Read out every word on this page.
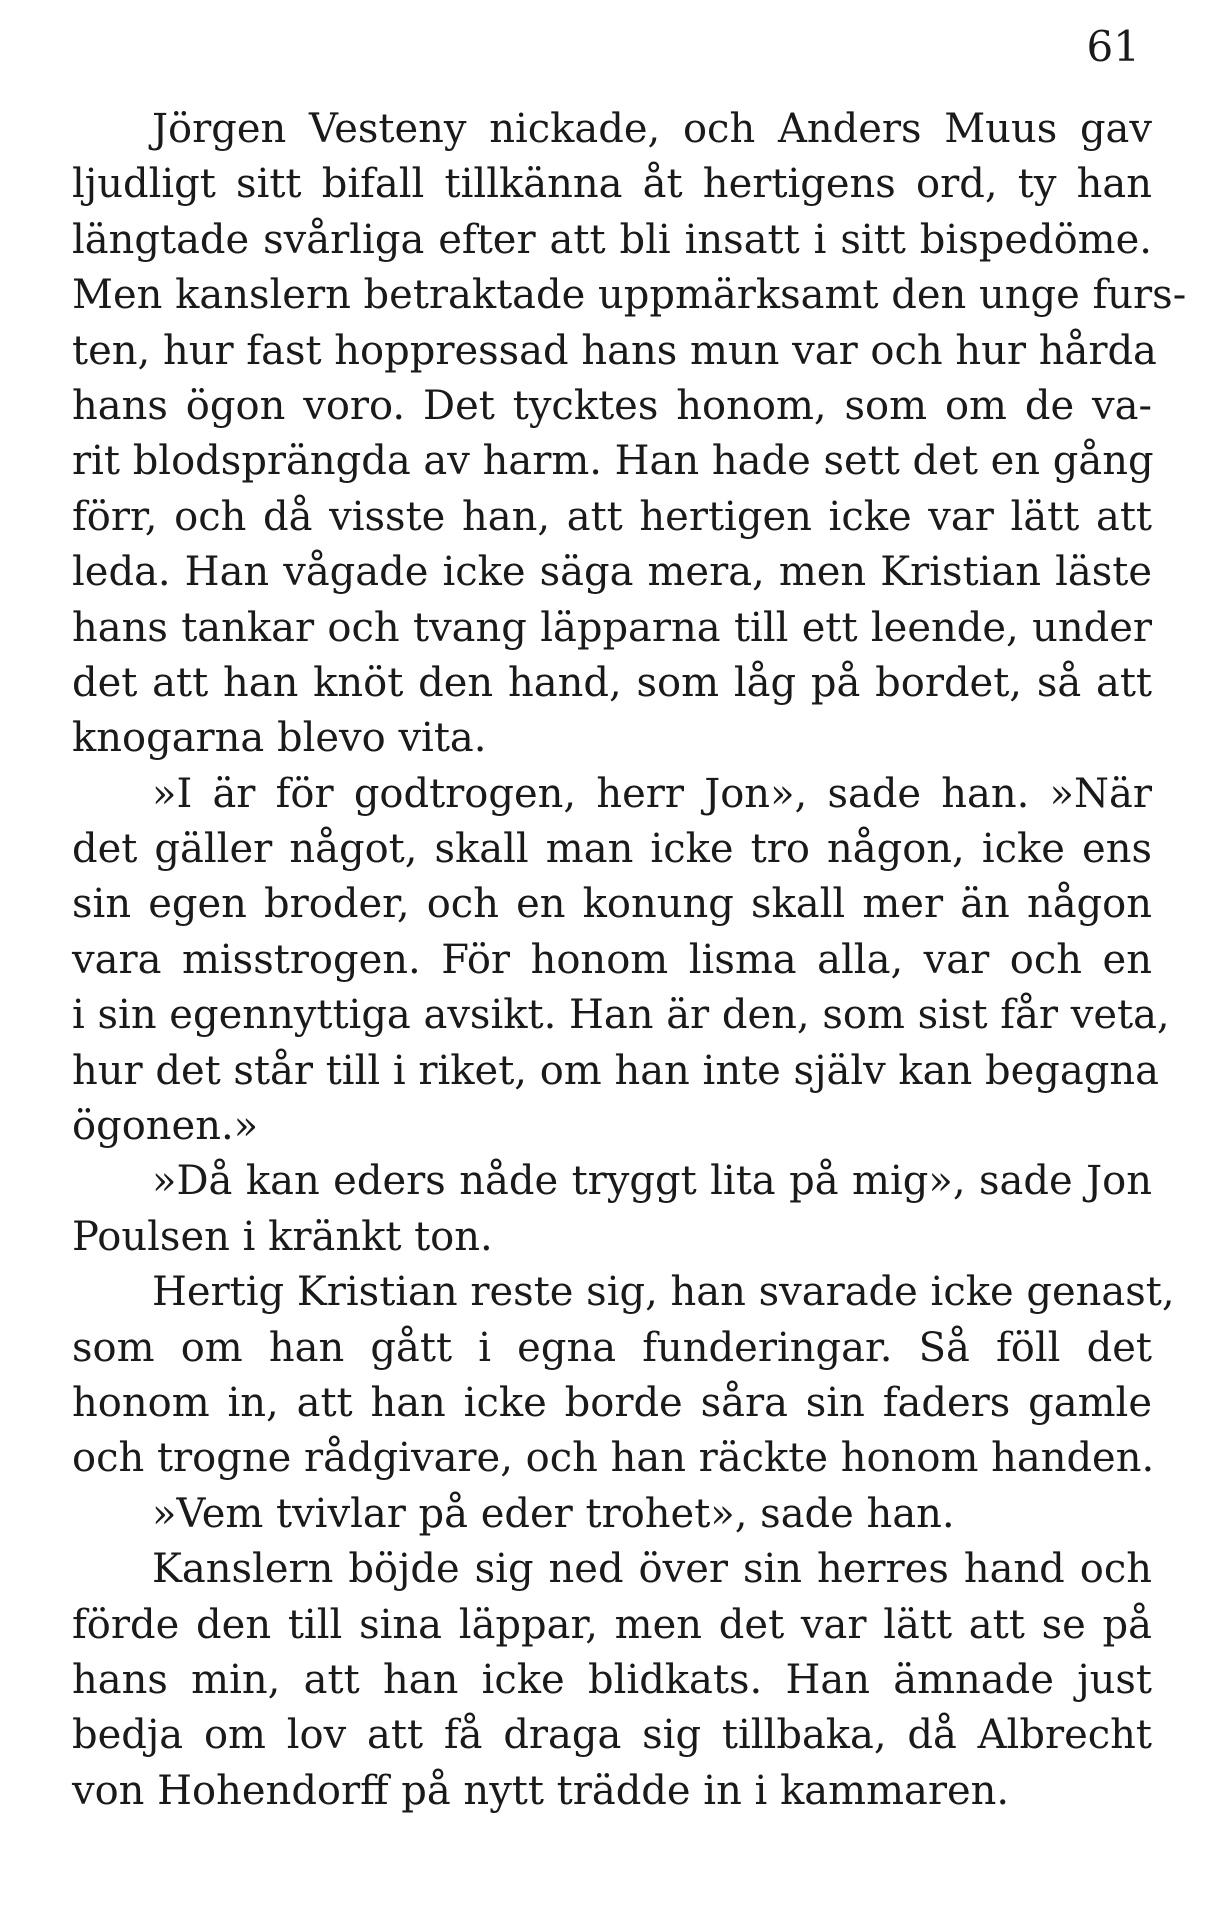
61
Jörgen Vesteny nickade, och Anders Muus gav
ljudligt sitt bifall tillkänna åt hertigens ord, ty han
längtade svårliga efter att bli insatt i sitt bispedöme.
Men kanslern betraktade uppmärksamt den unge furs-
ten, hur fast hoppressad hans mun var och hur hårda
hans ögon voro. Det tycktes honom, som om de va-
rit blodsprängda av harm. Han hade sett det en gång
förr, och då visste han, att hertigen icke var lätt att
leda. Han vågade icke säga mera, men Kristian läste
hans tankar och tvang läpparna till ett leende, under
det att han knöt den hand, som låg på bordet, så att
knogarna blevo vita.
»I är för godtrogen, herr Jon», sade han. »När
det gäller något, skall man icke tro någon, icke ens
sin egen broder, och en konung skall mer än någon
vara misstrogen. För honom lisma alla, var och en
i sin egennyttiga avsikt. Han är den, som sist får veta,
hur det står till i riket, om han inte själv kan begagna
ögonen.»
»Då kan eders nåde tryggt lita på mig», sade Jon
Poulsen i kränkt ton.
Hertig Kristian reste sig, han svarade icke genast,
som om han gått i egna funderingar. Så föll det
honom in, att han icke borde såra sin faders gamle
och trogne rådgivare, och han räckte honom handen.
»Vem tvivlar på eder trohet», sade han.
Kanslern böjde sig ned över sin herres hand och
förde den till sina läppar, men det var lätt att se på
hans min, att han icke blidkats. Han ämnade just
bedja om lov att få draga sig tillbaka, då Albrecht
von Hohendorff på nytt trädde in i kammaren.
